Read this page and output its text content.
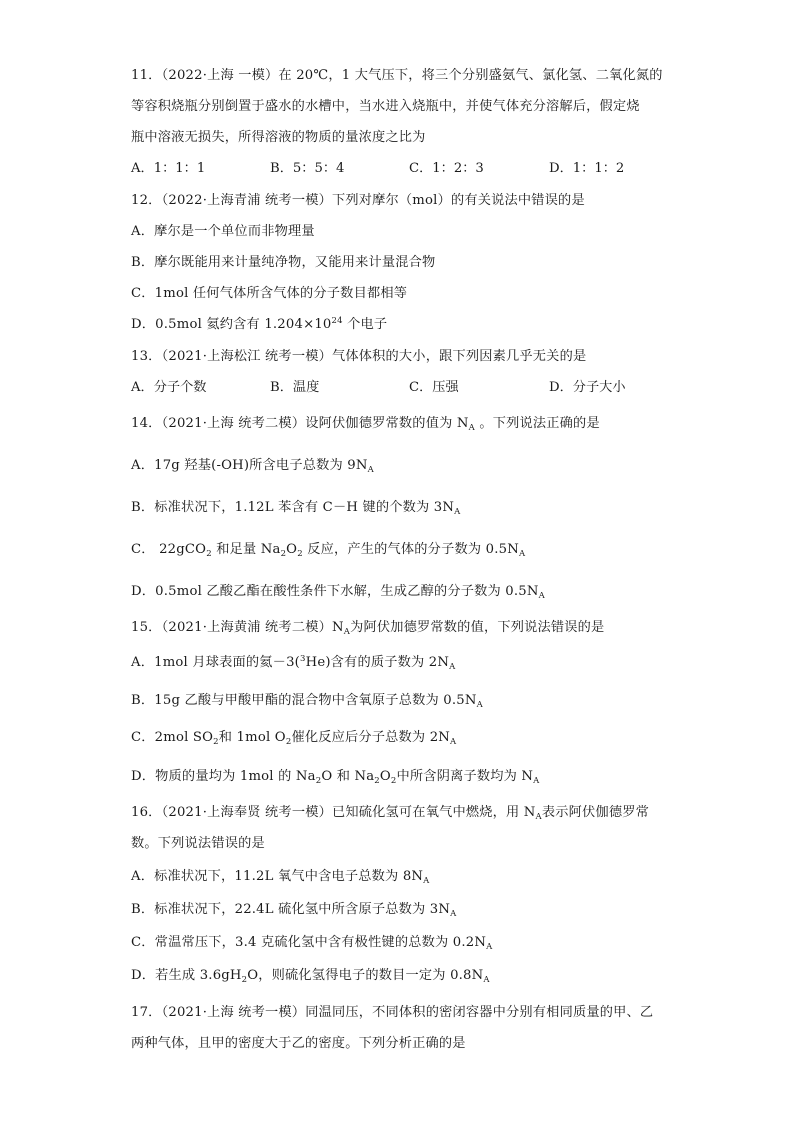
11．（2022·上海 一模）在 20℃，1 大气压下，将三个分别盛氨气、氯化氢、二氧化氮的
等容积烧瓶分别倒置于盛水的水槽中，当水进入烧瓶中，并使气体充分溶解后，假定烧
瓶中溶液无损失，所得溶液的物质的量浓度之比为
A．1：1：1	B．5：5：4	C．1：2：3	D．1：1：2
12．（2022·上海青浦 统考一模）下列对摩尔（mol）的有关说法中错误的是
A．摩尔是一个单位而非物理量
B．摩尔既能用来计量纯净物，又能用来计量混合物
C．1mol 任何气体所含气体的分子数目都相等
D．0.5mol 氦约含有 $1.204\times 10^{24}$ 个电子
13．（2021·上海松江 统考一模）气体体积的大小，跟下列因素几乎无关的是
A．分子个数	B．温度	C．压强	D．分子大小
14．（2021·上海 统考二模）设阿伏伽德罗常数的值为 $N_A$ 。下列说法正确的是
A．17g 羟基(-OH)所含电子总数为 $9N_A$
B．标准状况下，1.12L 苯含有 C－H 键的个数为 $3N_A$
C． 22gCO$_2$ 和足量 $Na_2O_2$ 反应，产生的气体的分子数为 $0.5N_A$
D．0.5mol 乙酸乙酯在酸性条件下水解，生成乙醇的分子数为 $0.5N_A$
15．（2021·上海黄浦 统考二模）$N_A$为阿伏加德罗常数的值，下列说法错误的是
A．1mol 月球表面的氦－3($^3$He)含有的质子数为 $2N_A$
B．15g 乙酸与甲酸甲酯的混合物中含氧原子总数为 $0.5N_A$
C．2mol $SO_2$和 1mol $O_2$催化反应后分子总数为 $2N_A$
D．物质的量均为 1mol 的 $Na_2O$ 和 $Na_2O_2$中所含阴离子数均为 $N_A$
16．（2021·上海奉贤 统考一模）已知硫化氢可在氧气中燃烧，用 $N_A$表示阿伏伽德罗常
数。下列说法错误的是
A．标准状况下，11.2L 氧气中含电子总数为 $8N_A$
B．标准状况下，22.4L 硫化氢中所含原子总数为 $3N_A$
C．常温常压下，3.4 克硫化氢中含有极性键的总数为 $0.2N_A$
D．若生成 $3.6gH_2O$，则硫化氢得电子的数目一定为 $0.8N_A$
17．（2021·上海 统考一模）同温同压，不同体积的密闭容器中分别有相同质量的甲、乙
两种气体，且甲的密度大于乙的密度。下列分析正确的是
